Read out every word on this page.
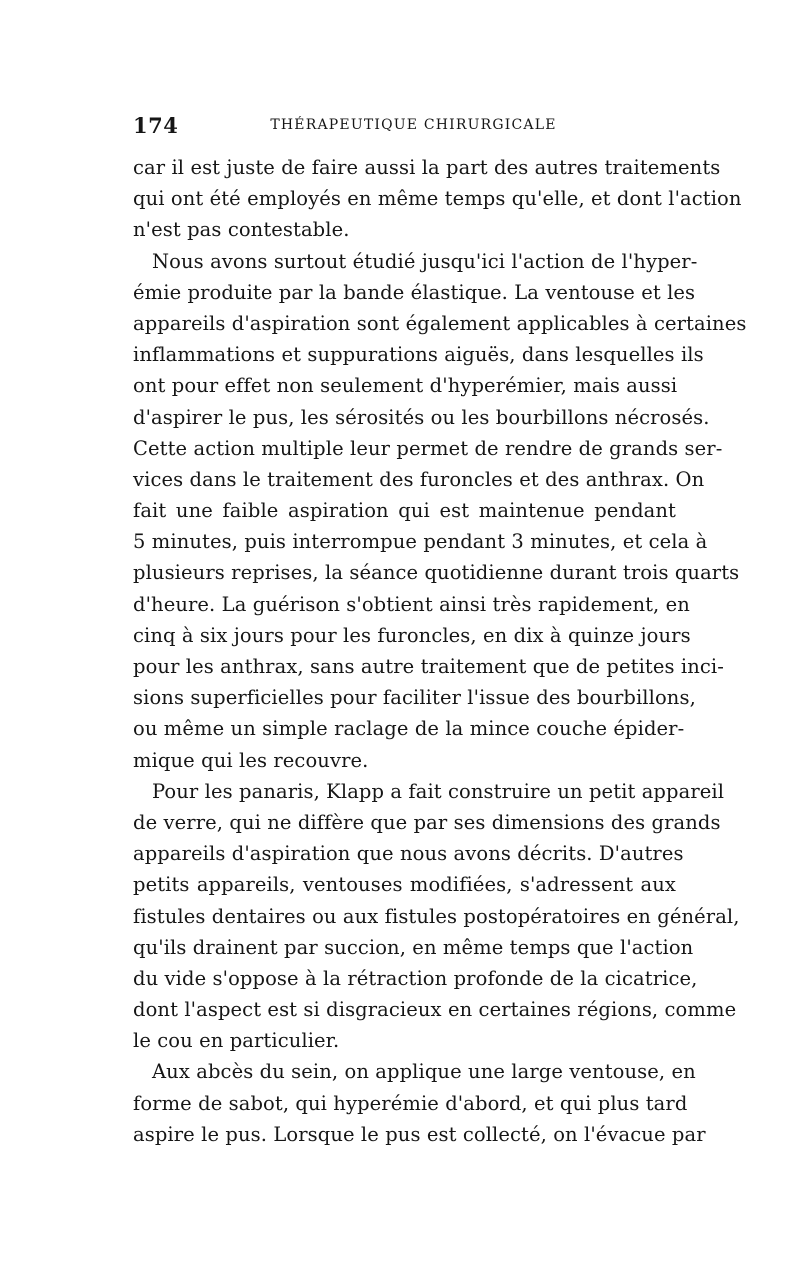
174	THÉRAPEUTIQUE CHIRURGICALE
car il est juste de faire aussi la part des autres traitements
qui ont été employés en même temps qu'elle, et dont l'action
n'est pas contestable.
Nous avons surtout étudié jusqu'ici l'action de l'hyper-
émie produite par la bande élastique. La ventouse et les
appareils d'aspiration sont également applicables à certaines
inflammations et suppurations aiguës, dans lesquelles ils
ont pour effet non seulement d'hyperémier, mais aussi
d'aspirer le pus, les sérosités ou les bourbillons nécrosés.
Cette action multiple leur permet de rendre de grands ser-
vices dans le traitement des furoncles et des anthrax. On
fait une faible aspiration qui est maintenue pendant
5 minutes, puis interrompue pendant 3 minutes, et cela à
plusieurs reprises, la séance quotidienne durant trois quarts
d'heure. La guérison s'obtient ainsi très rapidement, en
cinq à six jours pour les furoncles, en dix à quinze jours
pour les anthrax, sans autre traitement que de petites inci-
sions superficielles pour faciliter l'issue des bourbillons,
ou même un simple raclage de la mince couche épider-
mique qui les recouvre.
Pour les panaris, Klapp a fait construire un petit appareil
de verre, qui ne diffère que par ses dimensions des grands
appareils d'aspiration que nous avons décrits. D'autres
petits appareils, ventouses modifiées, s'adressent aux
fistules dentaires ou aux fistules postopératoires en général,
qu'ils drainent par succion, en même temps que l'action
du vide s'oppose à la rétraction profonde de la cicatrice,
dont l'aspect est si disgracieux en certaines régions, comme
le cou en particulier.
Aux abcès du sein, on applique une large ventouse, en
forme de sabot, qui hyperémie d'abord, et qui plus tard
aspire le pus. Lorsque le pus est collecté, on l'évacue par
